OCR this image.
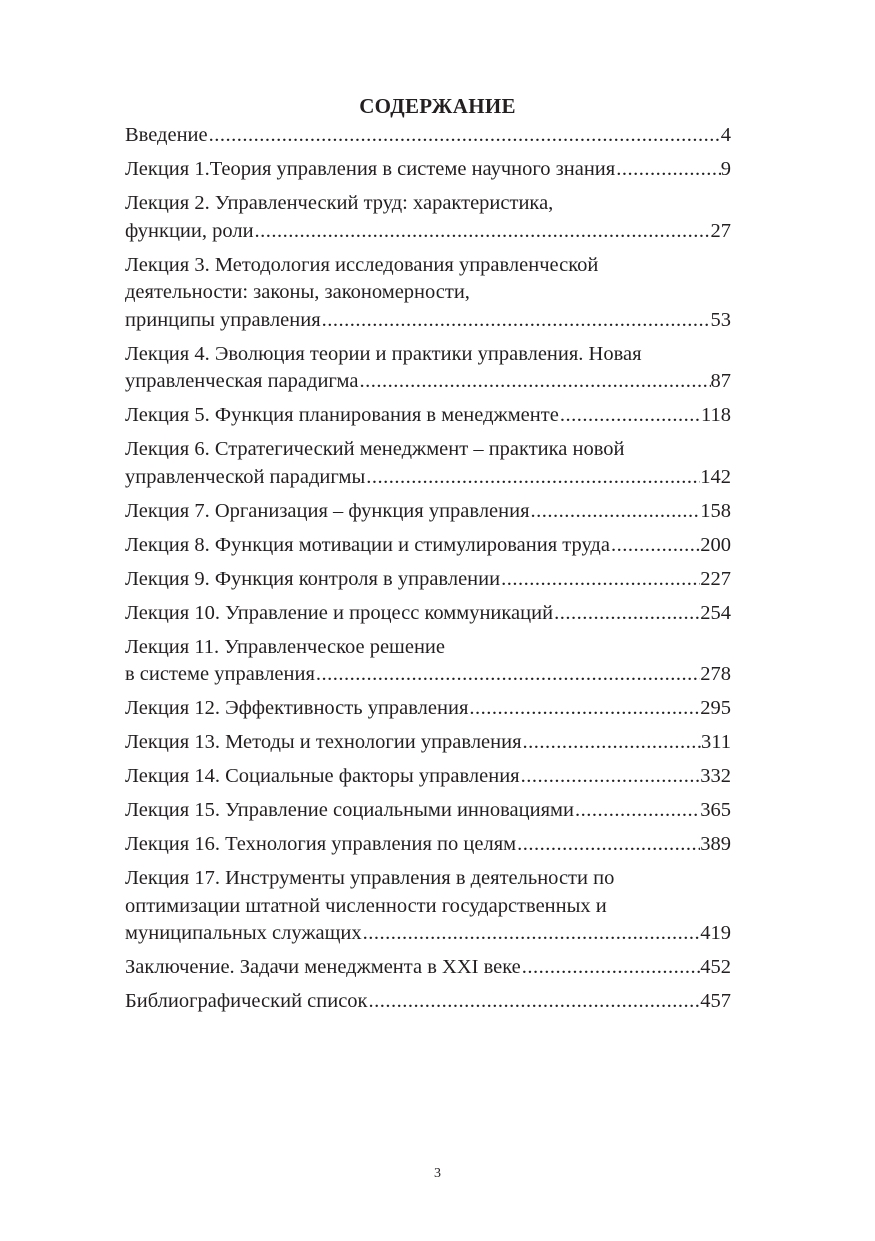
СОДЕРЖАНИЕ
Введение .....	4
Лекция 1.Теория управления в системе научного знания .....	9
Лекция 2. Управленческий труд: характеристика,
функции, роли .....	27
Лекция 3. Методология исследования управленческой
деятельности: законы, закономерности,
принципы управления .....	53
Лекция 4. Эволюция теории и практики управления. Новая
управленческая парадигма .....	87
Лекция 5. Функция планирования в менеджменте .....	118
Лекция 6. Стратегический менеджмент – практика новой
управленческой парадигмы .....	142
Лекция 7. Организация – функция управления .....	158
Лекция 8. Функция мотивации и стимулирования труда .....	200
Лекция 9. Функция контроля в управлении .....	227
Лекция 10. Управление и процесс коммуникаций .....	254
Лекция 11. Управленческое решение
в системе управления .....	278
Лекция 12. Эффективность управления .....	295
Лекция 13. Методы и технологии управления .....	311
Лекция 14. Социальные факторы управления .....	332
Лекция 15. Управление социальными инновациями .....	365
Лекция 16. Технология управления по целям .....	389
Лекция 17. Инструменты управления в деятельности по
оптимизации штатной численности государственных и
муниципальных служащих .....	419
Заключение. Задачи менеджмента в XXI веке .....	452
Библиографический список .....	457
3
